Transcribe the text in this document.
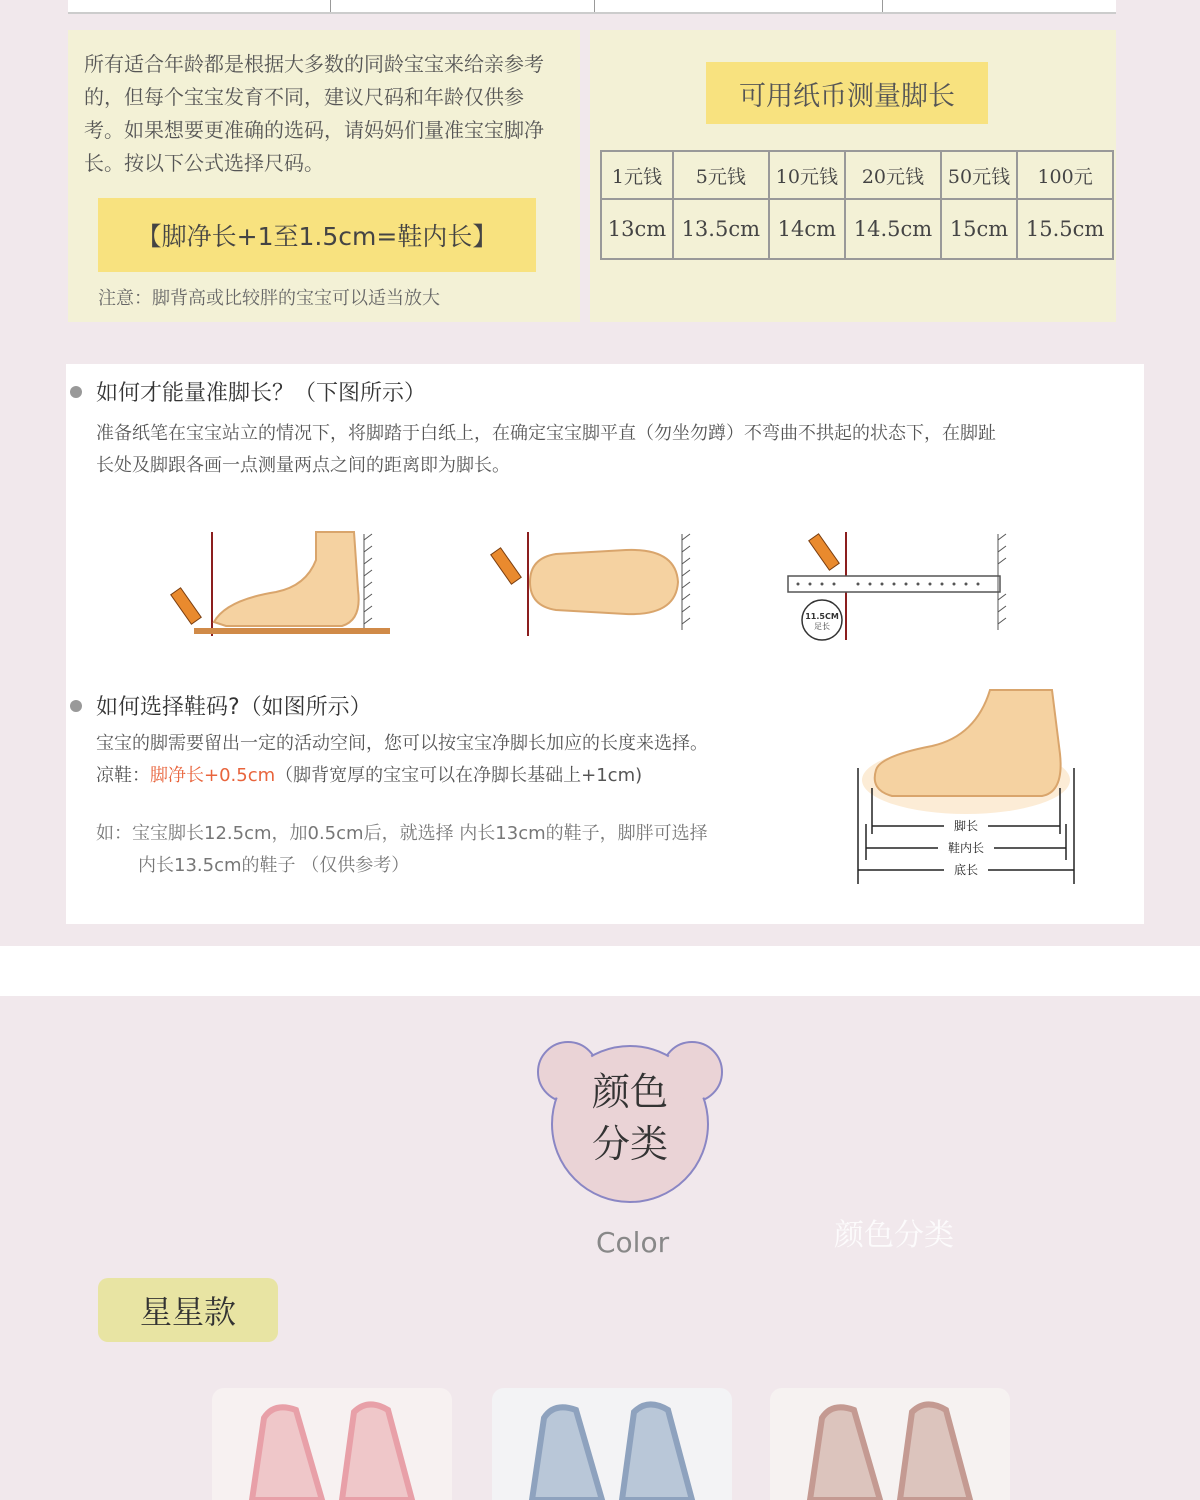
所有适合年龄都是根据大多数的同龄宝宝来给亲参考的，但每个宝宝发育不同，建议尺码和年龄仅供参考。如果想要更准确的选码，请妈妈们量准宝宝脚净长。按以下公式选择尺码。
【脚净长+1至1.5cm=鞋内长】
注意：脚背高或比较胖的宝宝可以适当放大
可用纸币测量脚长
1元钱	5元钱	10元钱	20元钱	50元钱	100元
13cm	13.5cm	14cm	14.5cm	15cm	15.5cm
如何才能量准脚长？（下图所示）
准备纸笔在宝宝站立的情况下，将脚踏于白纸上，在确定宝宝脚平直（勿坐勿蹲）不弯曲不拱起的状态下，在脚趾
长处及脚跟各画一点测量两点之间的距离即为脚长。
11.5CM
足长
如何选择鞋码?（如图所示）
宝宝的脚需要留出一定的活动空间，您可以按宝宝净脚长加应的长度来选择。
凉鞋：脚净长+0.5cm（脚背宽厚的宝宝可以在净脚长基础上+1cm)
如：宝宝脚长12.5cm，加0.5cm后，就选择 内长13cm的鞋子，脚胖可选择
内长13.5cm的鞋子 （仅供参考）
脚长
鞋内长
底长
颜色
分类
Color	颜色分类
星星款
